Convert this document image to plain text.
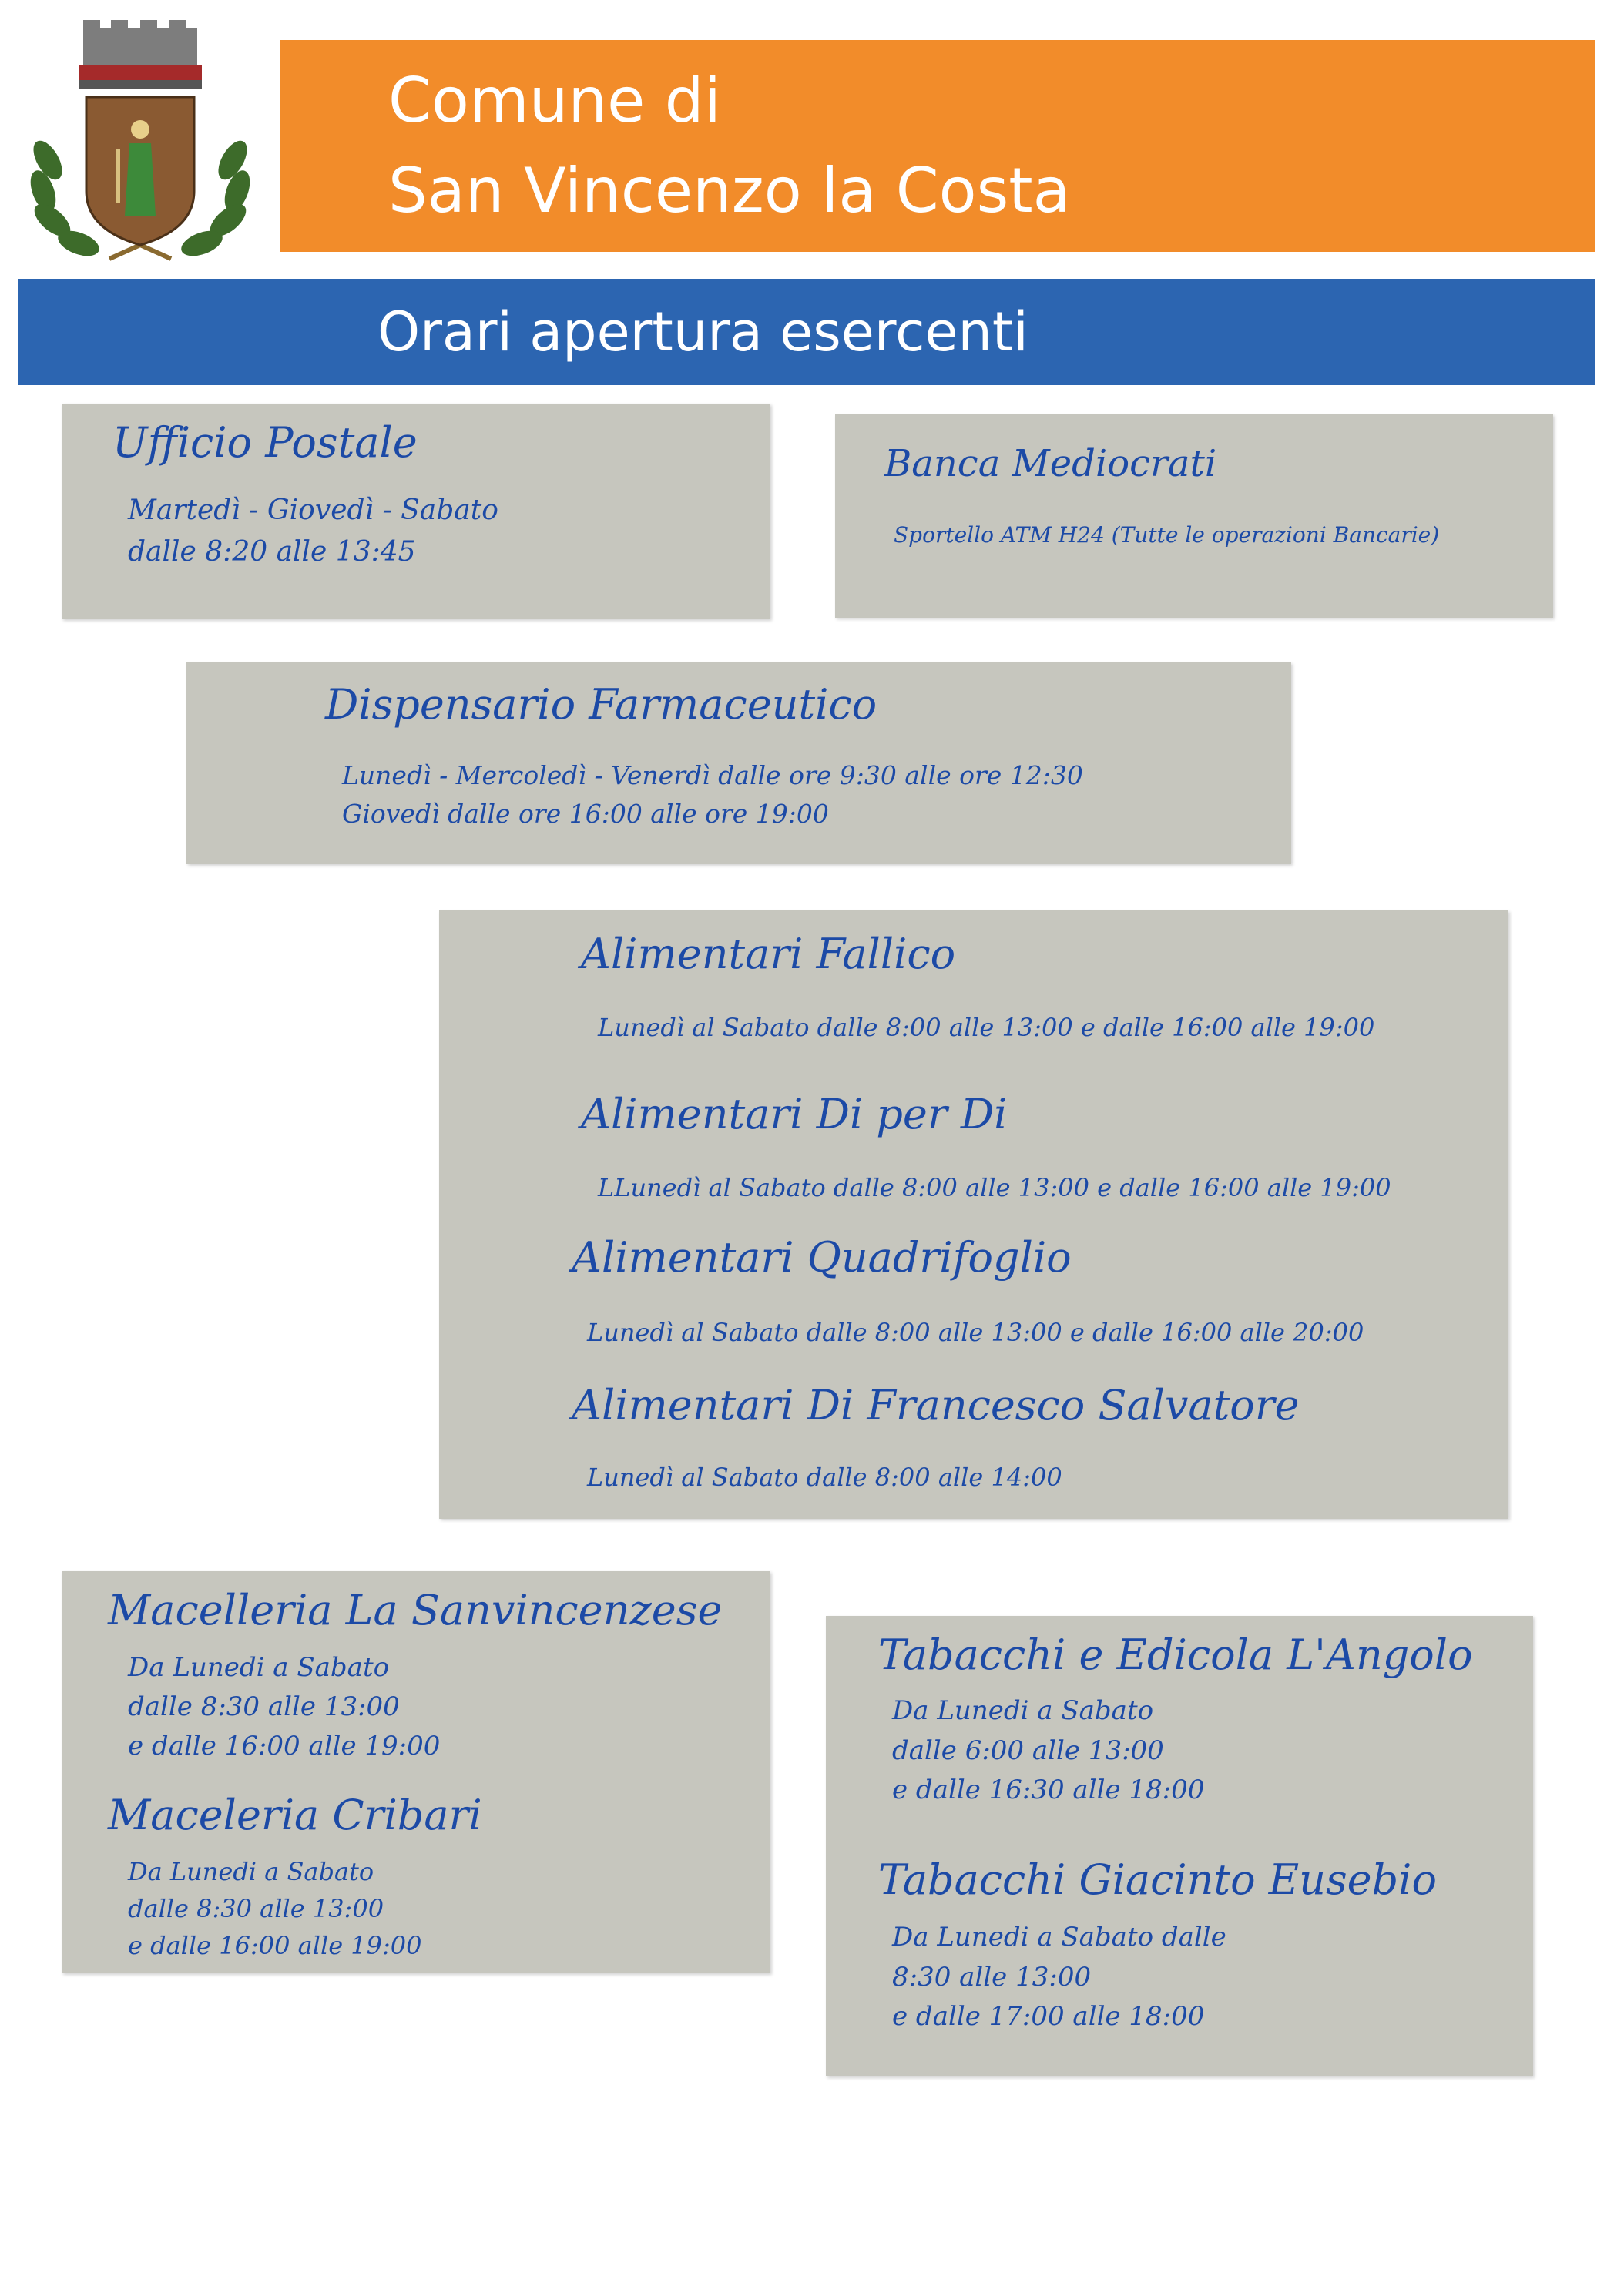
Comune di
San Vincenzo la Costa
Orari apertura esercenti
Ufficio Postale
Martedì - Giovedì - Sabato
dalle 8:20 alle 13:45
Banca Mediocrati
Sportello ATM H24 (Tutte le operazioni Bancarie)
Dispensario Farmaceutico
Lunedì - Mercoledì - Venerdì dalle ore 9:30 alle ore 12:30
Giovedì dalle ore 16:00 alle ore 19:00
Alimentari Fallico
Lunedì al Sabato dalle 8:00 alle 13:00 e dalle 16:00 alle 19:00
Alimentari Di per Di
LLunedì al Sabato dalle 8:00 alle 13:00 e dalle 16:00 alle 19:00
Alimentari Quadrifoglio
Lunedì al Sabato dalle 8:00 alle 13:00 e dalle 16:00 alle 20:00
Alimentari Di Francesco Salvatore
Lunedì al Sabato dalle 8:00 alle 14:00
Macelleria La Sanvincenzese
Da Lunedi a Sabato
dalle 8:30 alle 13:00
e dalle 16:00 alle 19:00
Maceleria Cribari
Da Lunedi a Sabato
dalle 8:30 alle 13:00
e dalle 16:00 alle 19:00
Tabacchi e Edicola L'Angolo
Da Lunedi a Sabato
dalle 6:00 alle 13:00
e dalle 16:30 alle 18:00
Tabacchi Giacinto Eusebio
Da Lunedi a Sabato dalle
8:30 alle 13:00
e dalle 17:00 alle 18:00
